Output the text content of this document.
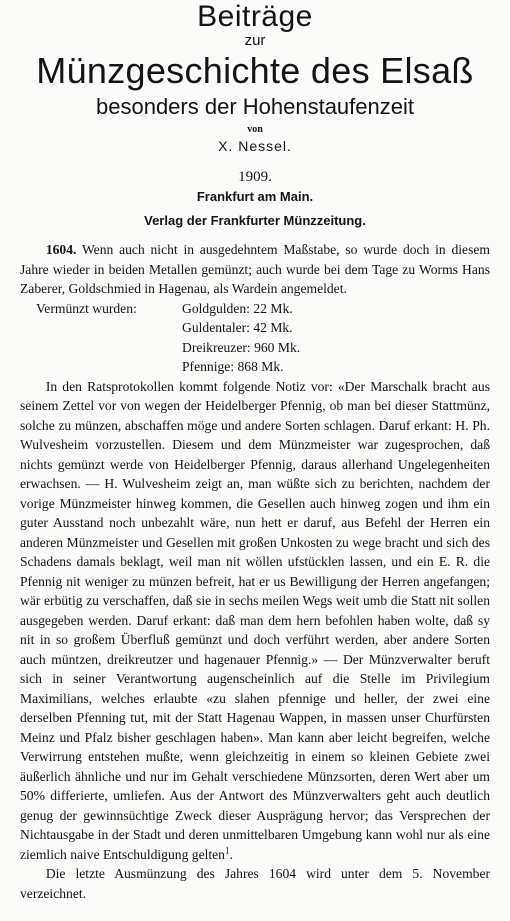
Beiträge
zur
Münzgeschichte des Elsaß
besonders der Hohenstaufenzeit
von
X. Nessel.
1909.
Frankfurt am Main.
Verlag der Frankfurter Münzzeitung.

1604. Wenn auch nicht in ausgedehntem Maßstabe, so wurde doch in diesem Jahre wieder in beiden Metallen gemünzt; auch wurde bei dem Tage zu Worms Hans Zaberer, Goldschmied in Hagenau, als Wardein angemeldet.

Vermünzt wurden:	Goldgulden: 22 Mk.
Guldentaler: 42 Mk.
Dreikreuzer: 960 Mk.
Pfennige: 868 Mk.

In den Ratsprotokollen kommt folgende Notiz vor: «Der Marschalk bracht aus seinem Zettel vor von wegen der Heidelberger Pfennig, ob man bei dieser Stattmünz, solche zu münzen, abschaffen möge und andere Sorten schlagen. Daruf erkant: H. Ph. Wulvesheim vorzustellen. Diesem und dem Münzmeister war zugesprochen, daß nichts gemünzt werde von Heidelberger Pfennig, daraus allerhand Ungelegenheiten erwachsen. — H. Wulvesheim zeigt an, man wüßte sich zu berichten, nachdem der vorige Münzmeister hinweg kommen, die Gesellen auch hinweg zogen und ihm ein guter Ausstand noch unbezahlt wäre, nun hett er daruf, aus Befehl der Herren ein anderen Münzmeister und Gesellen mit großen Unkosten zu wege bracht und sich des Schadens damals beklagt, weil man nit wöllen ufstücklen lassen, und ein E. R. die Pfennig nit weniger zu münzen befreit, hat er us Bewilligung der Herren angefangen; wär erbütig zu verschaffen, daß sie in sechs meilen Wegs weit umb die Statt nit sollen ausgegeben werden. Daruf erkant: daß man dem hern befohlen haben wolte, daß sy nit in so großem Überfluß gemünzt und doch verführt werden, aber andere Sorten auch müntzen, dreikreutzer und hagenauer Pfennig.» — Der Münzverwalter beruft sich in seiner Verantwortung augenscheinlich auf die Stelle im Privilegium Maximilians, welches erlaubte «zu slahen pfennige und heller, der zwei eine derselben Pfenning tut, mit der Statt Hagenau Wappen, in massen unser Churfürsten Meinz und Pfalz bisher geschlagen haben». Man kann aber leicht begreifen, welche Verwirrung entstehen mußte, wenn gleichzeitig in einem so kleinen Gebiete zwei äußerlich ähnliche und nur im Gehalt verschiedene Münzsorten, deren Wert aber um 50% differierte, umliefen. Aus der Antwort des Münzverwalters geht auch deutlich genug der gewinnsüchtige Zweck dieser Ausprägung hervor; das Versprechen der Nichtausgabe in der Stadt und deren unmittelbaren Umgebung kann wohl nur als eine ziemlich naive Entschuldigung gelten$^1$.

Die letzte Ausmünzung des Jahres 1604 wird unter dem 5. November verzeichnet.
